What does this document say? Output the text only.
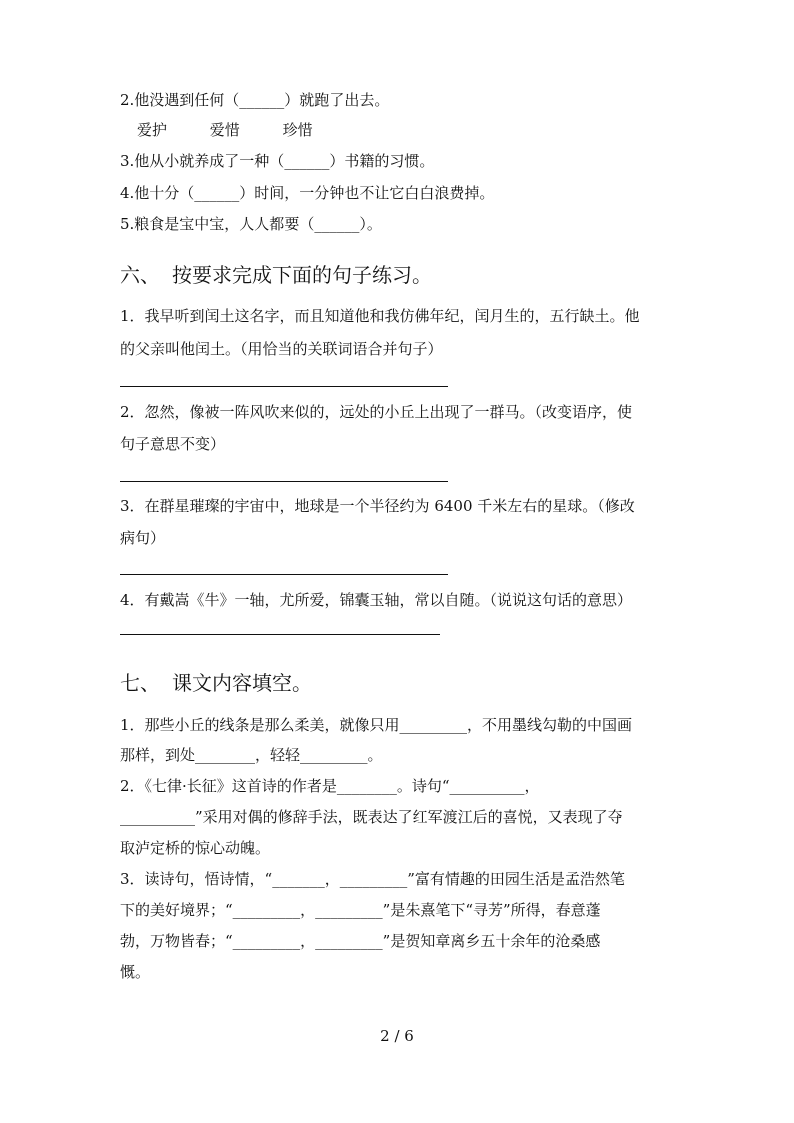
2.他没遇到任何（______）就跑了出去。
爱护	爱惜	珍惜
3.他从小就养成了一种（______）书籍的习惯。
4.他十分（______）时间，一分钟也不让它白白浪费掉。
5.粮食是宝中宝，人人都要（______）。
六、 按要求完成下面的句子练习。
1．我早听到闰土这名字，而且知道他和我仿佛年纪，闰月生的，五行缺土。他
的父亲叫他闰土。（用恰当的关联词语合并句子）
2．忽然，像被一阵风吹来似的，远处的小丘上出现了一群马。（改变语序，使
句子意思不变）
3．在群星璀璨的宇宙中，地球是一个半径约为 6400 千米左右的星球。（修改
病句）
4．有戴嵩《牛》一轴，尤所爱，锦囊玉轴，常以自随。（说说这句话的意思）
七、 课文内容填空。
1．那些小丘的线条是那么柔美，就像只用_________，不用墨线勾勒的中国画
那样，到处________，轻轻_________。
2．《七律·长征》这首诗的作者是________。诗句“__________，
__________”采用对偶的修辞手法，既表达了红军渡江后的喜悦，又表现了夺
取泸定桥的惊心动魄。
3．读诗句，悟诗情，“_______，_________”富有情趣的田园生活是孟浩然笔
下的美好境界；“_________，_________”是朱熹笔下“寻芳”所得，春意蓬
勃，万物皆春；“_________，_________”是贺知章离乡五十余年的沧桑感
慨。
2 / 6
